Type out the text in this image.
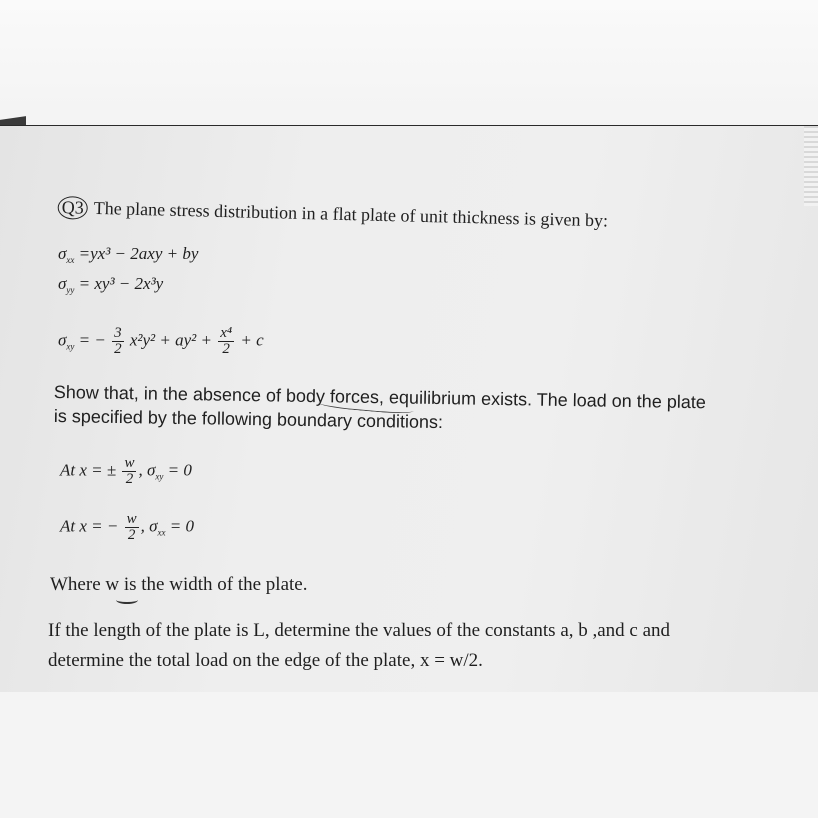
Q3 The plane stress distribution in a flat plate of unit thickness is given by:
$\sigma_{xx} =yx^3 - 2axy$ + by
$\sigma_{yy} = xy^3 - 2x^3y$
$\sigma_{xy}$ = − $\frac{3}{2} x^2y^2 + ay^2 + \frac{\text{x⁴}}{2} + c$
Show that, in the absence of body forces, equilibrium exists. The load on the plate
is specified by the following boundary conditions:
At x = ± $\frac{w}{2}$ , $\sigma_{xy} = 0$
At x = − $\frac{w}{2}$ , $\sigma_{xx} = 0$
Where w is the width of the plate.
If the length of the plate is L, determine the values of the constants a, b ,and c and
determine the total load on the edge of the plate, x = w/2.
